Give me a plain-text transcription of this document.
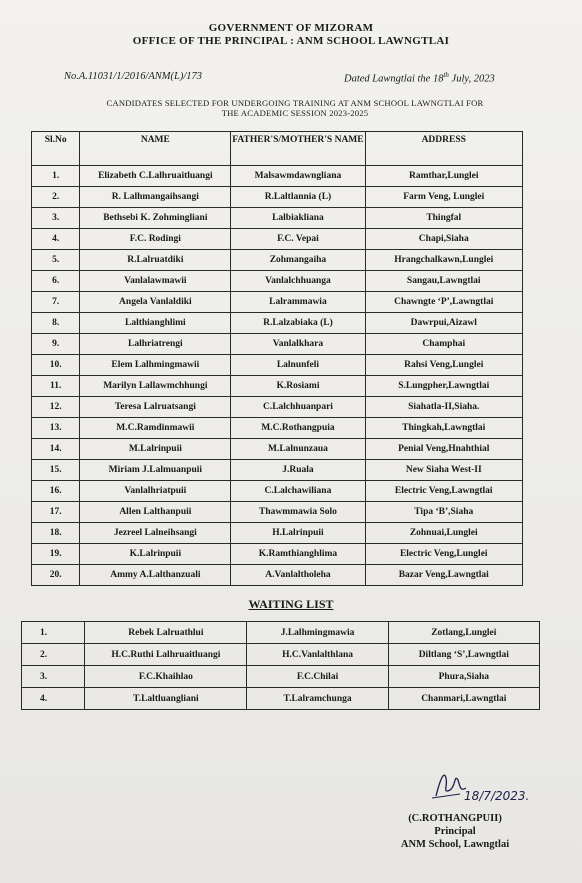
GOVERNMENT OF MIZORAM
OFFICE OF THE PRINCIPAL : ANM SCHOOL LAWNGTLAI
No.A.11031/1/2016/ANM(L)/173	Dated Lawngtlai the 18th July, 2023
CANDIDATES SELECTED FOR UNDERGOING TRAINING AT ANM SCHOOL LAWNGTLAI FOR
THE ACADEMIC SESSION 2023-2025
Sl.No	NAME	FATHER'S/MOTHER'S NAME	ADDRESS
1.	Elizabeth C.Lalhruaitluangi	Malsawmdawngliana	Ramthar,Lunglei
2.	R. Lalhmangaihsangi	R.Laltlannia (L)	Farm Veng, Lunglei
3.	Bethsebi K. Zohmingliani	Lalbiakliana	Thingfal
4.	F.C. Rodingi	F.C. Vepai	Chapi,Siaha
5.	R.Lalruatdiki	Zohmangaiha	Hrangchalkawn,Lunglei
6.	Vanlalawmawii	Vanlalchhuanga	Sangau,Lawngtlai
7.	Angela Vanlaldiki	Lalrammawia	Chawngte ‘P’,Lawngtlai
8.	Lalthianghlimi	R.Lalzabiaka (L)	Dawrpui,Aizawl
9.	Lalhriatrengi	Vanlalkhara	Champhai
10.	Elem Lalhmingmawii	Lalnunfeli	Rahsi Veng,Lunglei
11.	Marilyn Lallawmchhungi	K.Rosiami	S.Lungpher,Lawngtlai
12.	Teresa Lalruatsangi	C.Lalchhuanpari	Siahatla-II,Siaha.
13.	M.C.Ramdinmawii	M.C.Rothangpuia	Thingkah,Lawngtlai
14.	M.Lalrinpuii	M.Lalnunzaua	Penial Veng,Hnahthial
15.	Miriam J.Lalmuanpuii	J.Ruala	New Siaha West-II
16.	Vanlalhriatpuii	C.Lalchawiliana	Electric Veng,Lawngtlai
17.	Allen Lalthanpuii	Thawmmawia Solo	Tipa ‘B’,Siaha
18.	Jezreel Lalneihsangi	H.Lalrinpuii	Zohnuai,Lunglei
19.	K.Lalrinpuii	K.Ramthianghlima	Electric Veng,Lunglei
20.	Ammy A.Lalthanzuali	A.Vanlaltholeha	Bazar Veng,Lawngtlai
WAITING LIST
1.	Rebek Lalruathlui	J.Lalhmingmawia	Zotlang,Lunglei
2.	H.C.Ruthi Lalhruaitluangi	H.C.Vanlalthlana	Diltlang ‘S’,Lawngtlai
3.	F.C.Khaihlao	F.C.Chilai	Phura,Siaha
4.	T.Laltluangliani	T.Lalramchunga	Chanmari,Lawngtlai
18/7/2023.
(C.ROTHANGPUII)
Principal
ANM School, Lawngtlai
